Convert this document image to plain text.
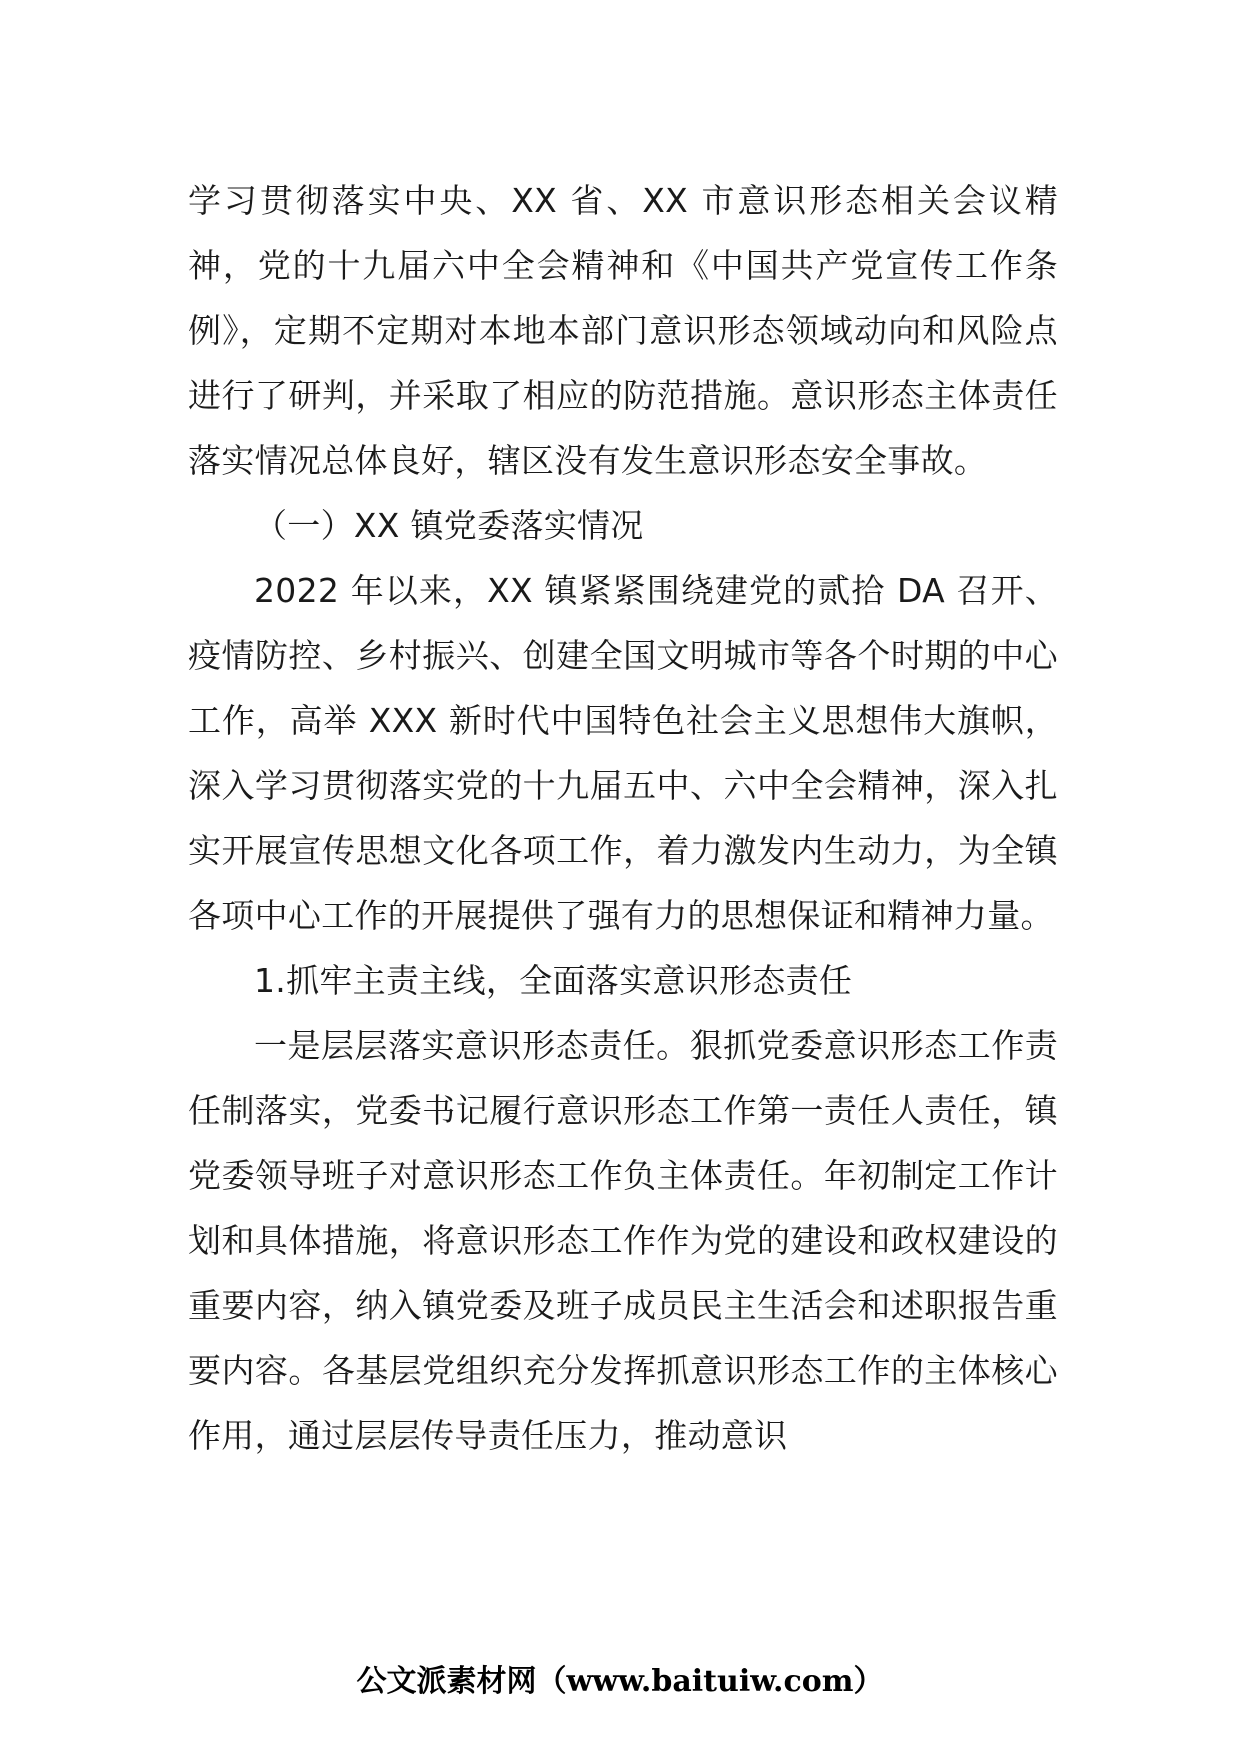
学习贯彻落实中央、XX 省、XX 市意识形态相关会议精神，党的十九届六中全会精神和《中国共产党宣传工作条例》，定期不定期对本地本部门意识形态领域动向和风险点进行了研判，并采取了相应的防范措施。意识形态主体责任落实情况总体良好，辖区没有发生意识形态安全事故。

（一）XX 镇党委落实情况

2022 年以来，XX 镇紧紧围绕建党的贰拾 DA 召开、疫情防控、乡村振兴、创建全国文明城市等各个时期的中心工作，高举 XXX 新时代中国特色社会主义思想伟大旗帜，深入学习贯彻落实党的十九届五中、六中全会精神，深入扎实开展宣传思想文化各项工作，着力激发内生动力，为全镇各项中心工作的开展提供了强有力的思想保证和精神力量。

1.抓牢主责主线，全面落实意识形态责任

一是层层落实意识形态责任。狠抓党委意识形态工作责任制落实，党委书记履行意识形态工作第一责任人责任，镇党委领导班子对意识形态工作负主体责任。年初制定工作计划和具体措施，将意识形态工作作为党的建设和政权建设的重要内容，纳入镇党委及班子成员民主生活会和述职报告重要内容。各基层党组织充分发挥抓意识形态工作的主体核心作用，通过层层传导责任压力，推动意识

公文派素材网（www.baituiw.com）
